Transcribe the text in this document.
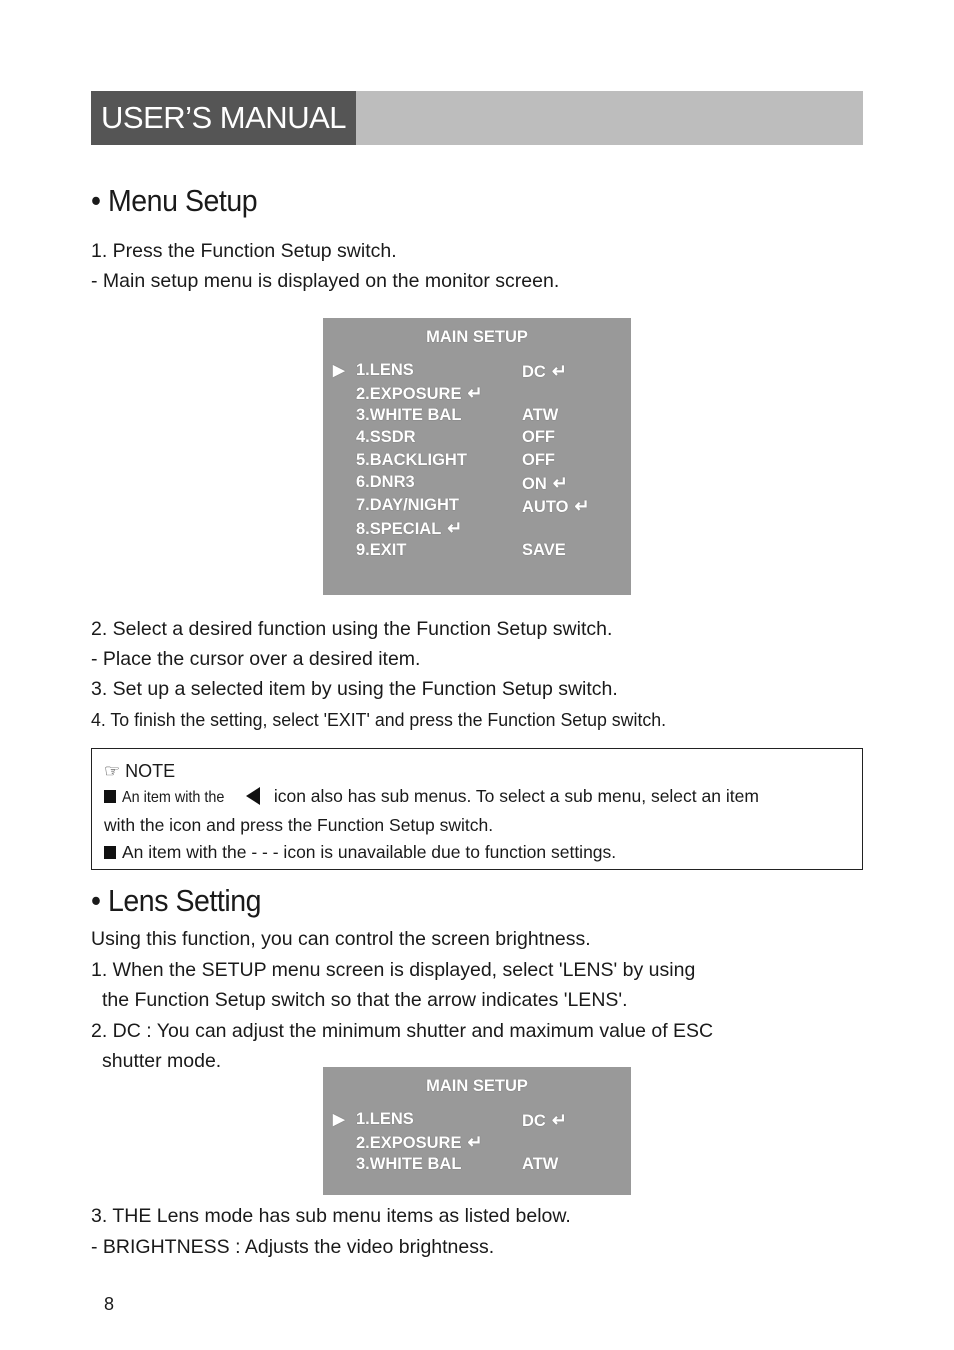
USER’S MANUAL
• Menu Setup
1. Press the Function Setup switch.
- Main setup menu is displayed on the monitor screen.
MAIN SETUP
▶ 1.LENS	DC ↵
2.EXPOSURE ↵
3.WHITE BAL	ATW
4.SSDR	OFF
5.BACKLIGHT	OFF
6.DNR3	ON ↵
7.DAY/NIGHT	AUTO ↵
8.SPECIAL ↵
9.EXIT	SAVE
2. Select a desired function using the Function Setup switch.
- Place the cursor over a desired item.
3. Set up a selected item by using the Function Setup switch.
4. To finish the setting, select 'EXIT' and press the Function Setup switch.
☞ NOTE
An item with the	icon also has sub menus. To select a sub menu, select an item
with the icon and press the Function Setup switch.
An item with the - - - icon is unavailable due to function settings.
• Lens Setting
Using this function, you can control the screen brightness.
1. When the SETUP menu screen is displayed, select 'LENS' by using
the Function Setup switch so that the arrow indicates 'LENS'.
2. DC : You can adjust the minimum shutter and maximum value of ESC
shutter mode.
MAIN SETUP
▶ 1.LENS	DC ↵
2.EXPOSURE ↵
3.WHITE BAL	ATW
3. THE Lens mode has sub menu items as listed below.
- BRIGHTNESS : Adjusts the video brightness.
8
